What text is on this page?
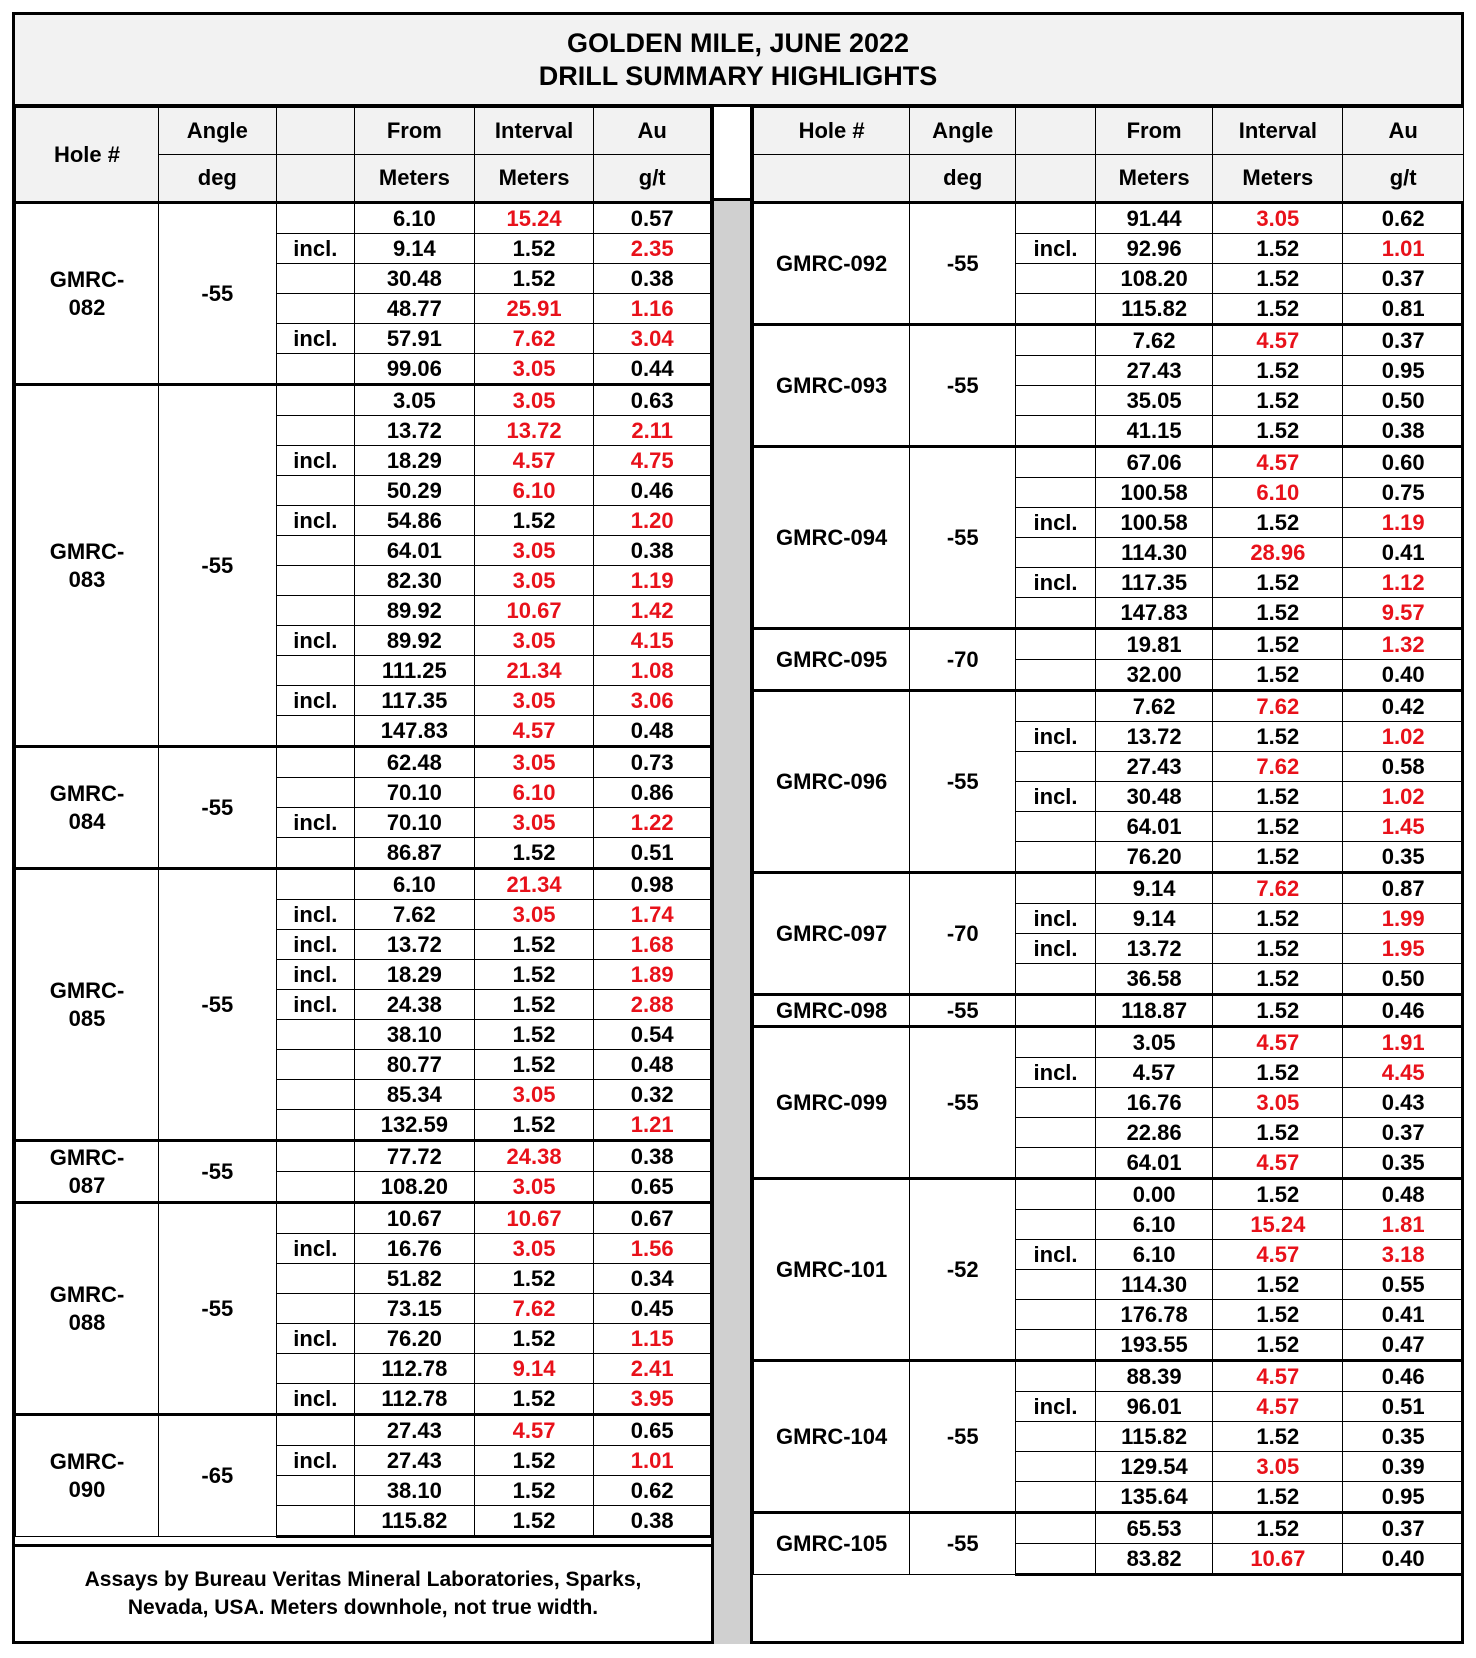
GOLDEN MILE, JUNE 2022
DRILL SUMMARY HIGHLIGHTS
Hole #	Angle		From	Interval	Au
	deg		Meters	Meters	g/t
GMRC-082	-55		6.10	15.24	0.57
		incl.	9.14	1.52	2.35
			30.48	1.52	0.38
			48.77	25.91	1.16
		incl.	57.91	7.62	3.04
			99.06	3.05	0.44
GMRC-083	-55		3.05	3.05	0.63
			13.72	13.72	2.11
		incl.	18.29	4.57	4.75
			50.29	6.10	0.46
		incl.	54.86	1.52	1.20
			64.01	3.05	0.38
			82.30	3.05	1.19
			89.92	10.67	1.42
		incl.	89.92	3.05	4.15
			111.25	21.34	1.08
		incl.	117.35	3.05	3.06
			147.83	4.57	0.48
GMRC-084	-55		62.48	3.05	0.73
			70.10	6.10	0.86
		incl.	70.10	3.05	1.22
			86.87	1.52	0.51
GMRC-085	-55		6.10	21.34	0.98
		incl.	7.62	3.05	1.74
		incl.	13.72	1.52	1.68
		incl.	18.29	1.52	1.89
		incl.	24.38	1.52	2.88
			38.10	1.52	0.54
			80.77	1.52	0.48
			85.34	3.05	0.32
			132.59	1.52	1.21
GMRC-087	-55		77.72	24.38	0.38
			108.20	3.05	0.65
GMRC-088	-55		10.67	10.67	0.67
		incl.	16.76	3.05	1.56
			51.82	1.52	0.34
			73.15	7.62	0.45
		incl.	76.20	1.52	1.15
			112.78	9.14	2.41
		incl.	112.78	1.52	3.95
GMRC-090	-65		27.43	4.57	0.65
		incl.	27.43	1.52	1.01
			38.10	1.52	0.62
			115.82	1.52	0.38
Hole #	Angle		From	Interval	Au
	deg		Meters	Meters	g/t
GMRC-092	-55		91.44	3.05	0.62
		incl.	92.96	1.52	1.01
			108.20	1.52	0.37
			115.82	1.52	0.81
GMRC-093	-55		7.62	4.57	0.37
			27.43	1.52	0.95
			35.05	1.52	0.50
			41.15	1.52	0.38
GMRC-094	-55		67.06	4.57	0.60
			100.58	6.10	0.75
		incl.	100.58	1.52	1.19
			114.30	28.96	0.41
		incl.	117.35	1.52	1.12
			147.83	1.52	9.57
GMRC-095	-70		19.81	1.52	1.32
			32.00	1.52	0.40
GMRC-096	-55		7.62	7.62	0.42
		incl.	13.72	1.52	1.02
			27.43	7.62	0.58
		incl.	30.48	1.52	1.02
			64.01	1.52	1.45
			76.20	1.52	0.35
GMRC-097	-70		9.14	7.62	0.87
		incl.	9.14	1.52	1.99
		incl.	13.72	1.52	1.95
			36.58	1.52	0.50
GMRC-098	-55		118.87	1.52	0.46
GMRC-099	-55		3.05	4.57	1.91
		incl.	4.57	1.52	4.45
			16.76	3.05	0.43
			22.86	1.52	0.37
			64.01	4.57	0.35
GMRC-101	-52		0.00	1.52	0.48
			6.10	15.24	1.81
		incl.	6.10	4.57	3.18
			114.30	1.52	0.55
			176.78	1.52	0.41
			193.55	1.52	0.47
GMRC-104	-55		88.39	4.57	0.46
		incl.	96.01	4.57	0.51
			115.82	1.52	0.35
			129.54	3.05	0.39
			135.64	1.52	0.95
GMRC-105	-55		65.53	1.52	0.37
			83.82	10.67	0.40
Assays by Bureau Veritas Mineral Laboratories, Sparks, Nevada, USA. Meters downhole, not true width.
